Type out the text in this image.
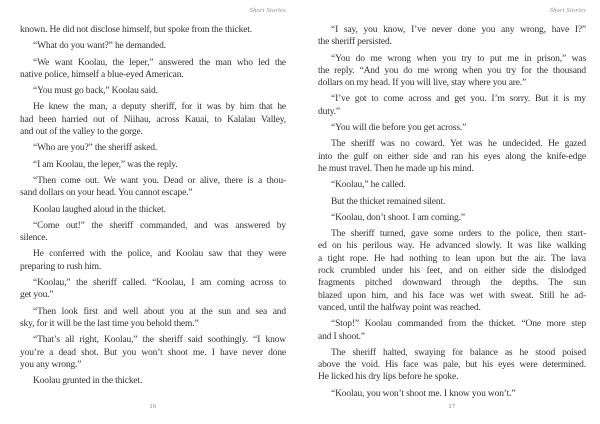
Short Stories
known. He did not disclose himself, but spoke from the thicket.
“What do you want?” he demanded.
“We want Koolau, the leper,” answered the man who led the
native police, himself a blue-eyed American.
“You must go back,” Koolau said.
He knew the man, a deputy sheriff, for it was by him that he
had been harried out of Niihau, across Kauai, to Kalalau Valley,
and out of the valley to the gorge.
“Who are you?” the sheriff asked.
“I am Koolau, the leper,” was the reply.
“Then come out. We want you. Dead or alive, there is a thou-
sand dollars on your head. You cannot escape.”
Koolau laughed aloud in the thicket.
“Come out!” the sheriff commanded, and was answered by
silence.
He conferred with the police, and Koolau saw that they were
preparing to rush him.
“Koolau,” the sheriff called. “Koolau, I am coming across to
get you.”
“Then look first and well about you at the sun and sea and
sky, for it will be the last time you behold them.”
“That’s all right, Koolau,” the sheriff said soothingly. “I know
you’re a dead shot. But you won’t shoot me. I have never done
you any wrong.”
Koolau grunted in the thicket.
16
Short Stories
“I say, you know, I’ve never done you any wrong, have I?”
the sheriff persisted.
“You do me wrong when you try to put me in prison,” was
the reply. “And you do me wrong when you try for the thousand
dollars on my head. If you will live, stay where you are.”
“I’ve got to come across and get you. I’m sorry. But it is my
duty.”
“You will die before you get across.”
The sheriff was no coward. Yet was he undecided. He gazed
into the gulf on either side and ran his eyes along the knife-edge
he must travel. Then he made up his mind.
“Koolau,” he called.
But the thicket remained silent.
“Koolau, don’t shoot. I am coming.”
The sheriff turned, gave some orders to the police, then start-
ed on his perilous way. He advanced slowly. It was like walking
a tight rope. He had nothing to lean upon but the air. The lava
rock crumbled under his feet, and on either side the dislodged
fragments pitched downward through the depths. The sun
blazed upon him, and his face was wet with sweat. Still he ad-
vanced, until the halfway point was reached.
“Stop!” Koolau commanded from the thicket. “One more step
and I shoot.”
The sheriff halted, swaying for balance as he stood poised
above the void. His face was pale, but his eyes were determined.
He licked his dry lips before he spoke.
“Koolau, you won’t shoot me. I know you won’t.”
17
